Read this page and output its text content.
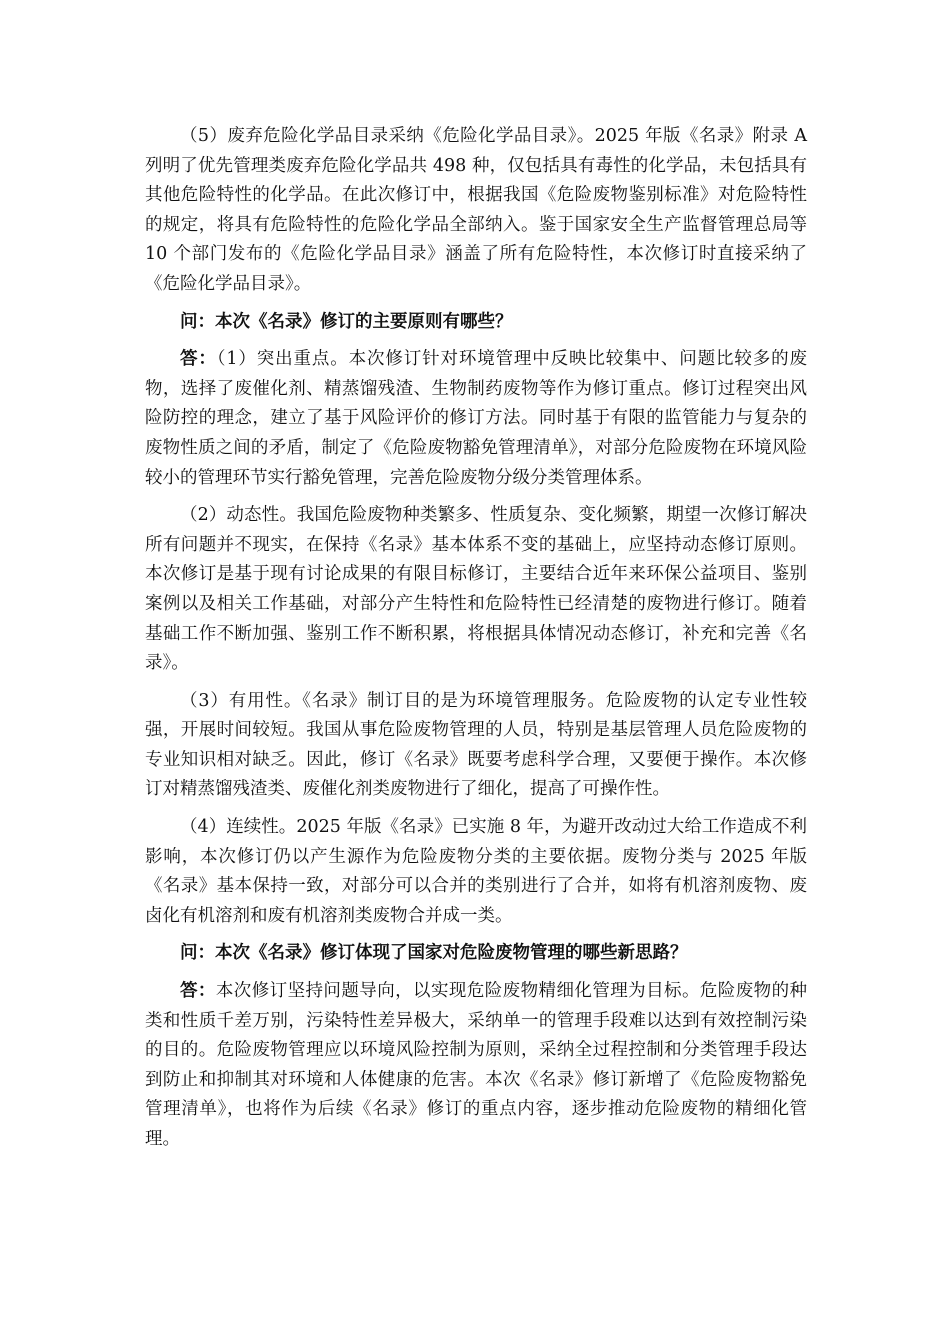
（5）废弃危险化学品目录采纳《危险化学品目录》。2025 年版《名录》附录 A 列明了优先管理类废弃危险化学品共 498 种，仅包括具有毒性的化学品，未包括具有其他危险特性的化学品。在此次修订中，根据我国《危险废物鉴别标准》对危险特性的规定，将具有危险特性的危险化学品全部纳入。鉴于国家安全生产监督管理总局等 10 个部门发布的《危险化学品目录》涵盖了所有危险特性，本次修订时直接采纳了《危险化学品目录》。

问：本次《名录》修订的主要原则有哪些？

答：（1）突出重点。本次修订针对环境管理中反映比较集中、问题比较多的废物，选择了废催化剂、精蒸馏残渣、生物制药废物等作为修订重点。修订过程突出风险防控的理念，建立了基于风险评价的修订方法。同时基于有限的监管能力与复杂的废物性质之间的矛盾，制定了《危险废物豁免管理清单》，对部分危险废物在环境风险较小的管理环节实行豁免管理，完善危险废物分级分类管理体系。

（2）动态性。我国危险废物种类繁多、性质复杂、变化频繁，期望一次修订解决所有问题并不现实，在保持《名录》基本体系不变的基础上，应坚持动态修订原则。本次修订是基于现有讨论成果的有限目标修订，主要结合近年来环保公益项目、鉴别案例以及相关工作基础，对部分产生特性和危险特性已经清楚的废物进行修订。随着基础工作不断加强、鉴别工作不断积累，将根据具体情况动态修订，补充和完善《名录》。

（3）有用性。《名录》制订目的是为环境管理服务。危险废物的认定专业性较强，开展时间较短。我国从事危险废物管理的人员，特别是基层管理人员危险废物的专业知识相对缺乏。因此，修订《名录》既要考虑科学合理，又要便于操作。本次修订对精蒸馏残渣类、废催化剂类废物进行了细化，提高了可操作性。

（4）连续性。2025 年版《名录》已实施 8 年，为避开改动过大给工作造成不利影响，本次修订仍以产生源作为危险废物分类的主要依据。废物分类与 2025 年版《名录》基本保持一致，对部分可以合并的类别进行了合并，如将有机溶剂废物、废卤化有机溶剂和废有机溶剂类废物合并成一类。

问：本次《名录》修订体现了国家对危险废物管理的哪些新思路？

答：本次修订坚持问题导向，以实现危险废物精细化管理为目标。危险废物的种类和性质千差万别，污染特性差异极大，采纳单一的管理手段难以达到有效控制污染的目的。危险废物管理应以环境风险控制为原则，采纳全过程控制和分类管理手段达到防止和抑制其对环境和人体健康的危害。本次《名录》修订新增了《危险废物豁免管理清单》，也将作为后续《名录》修订的重点内容，逐步推动危险废物的精细化管理。
